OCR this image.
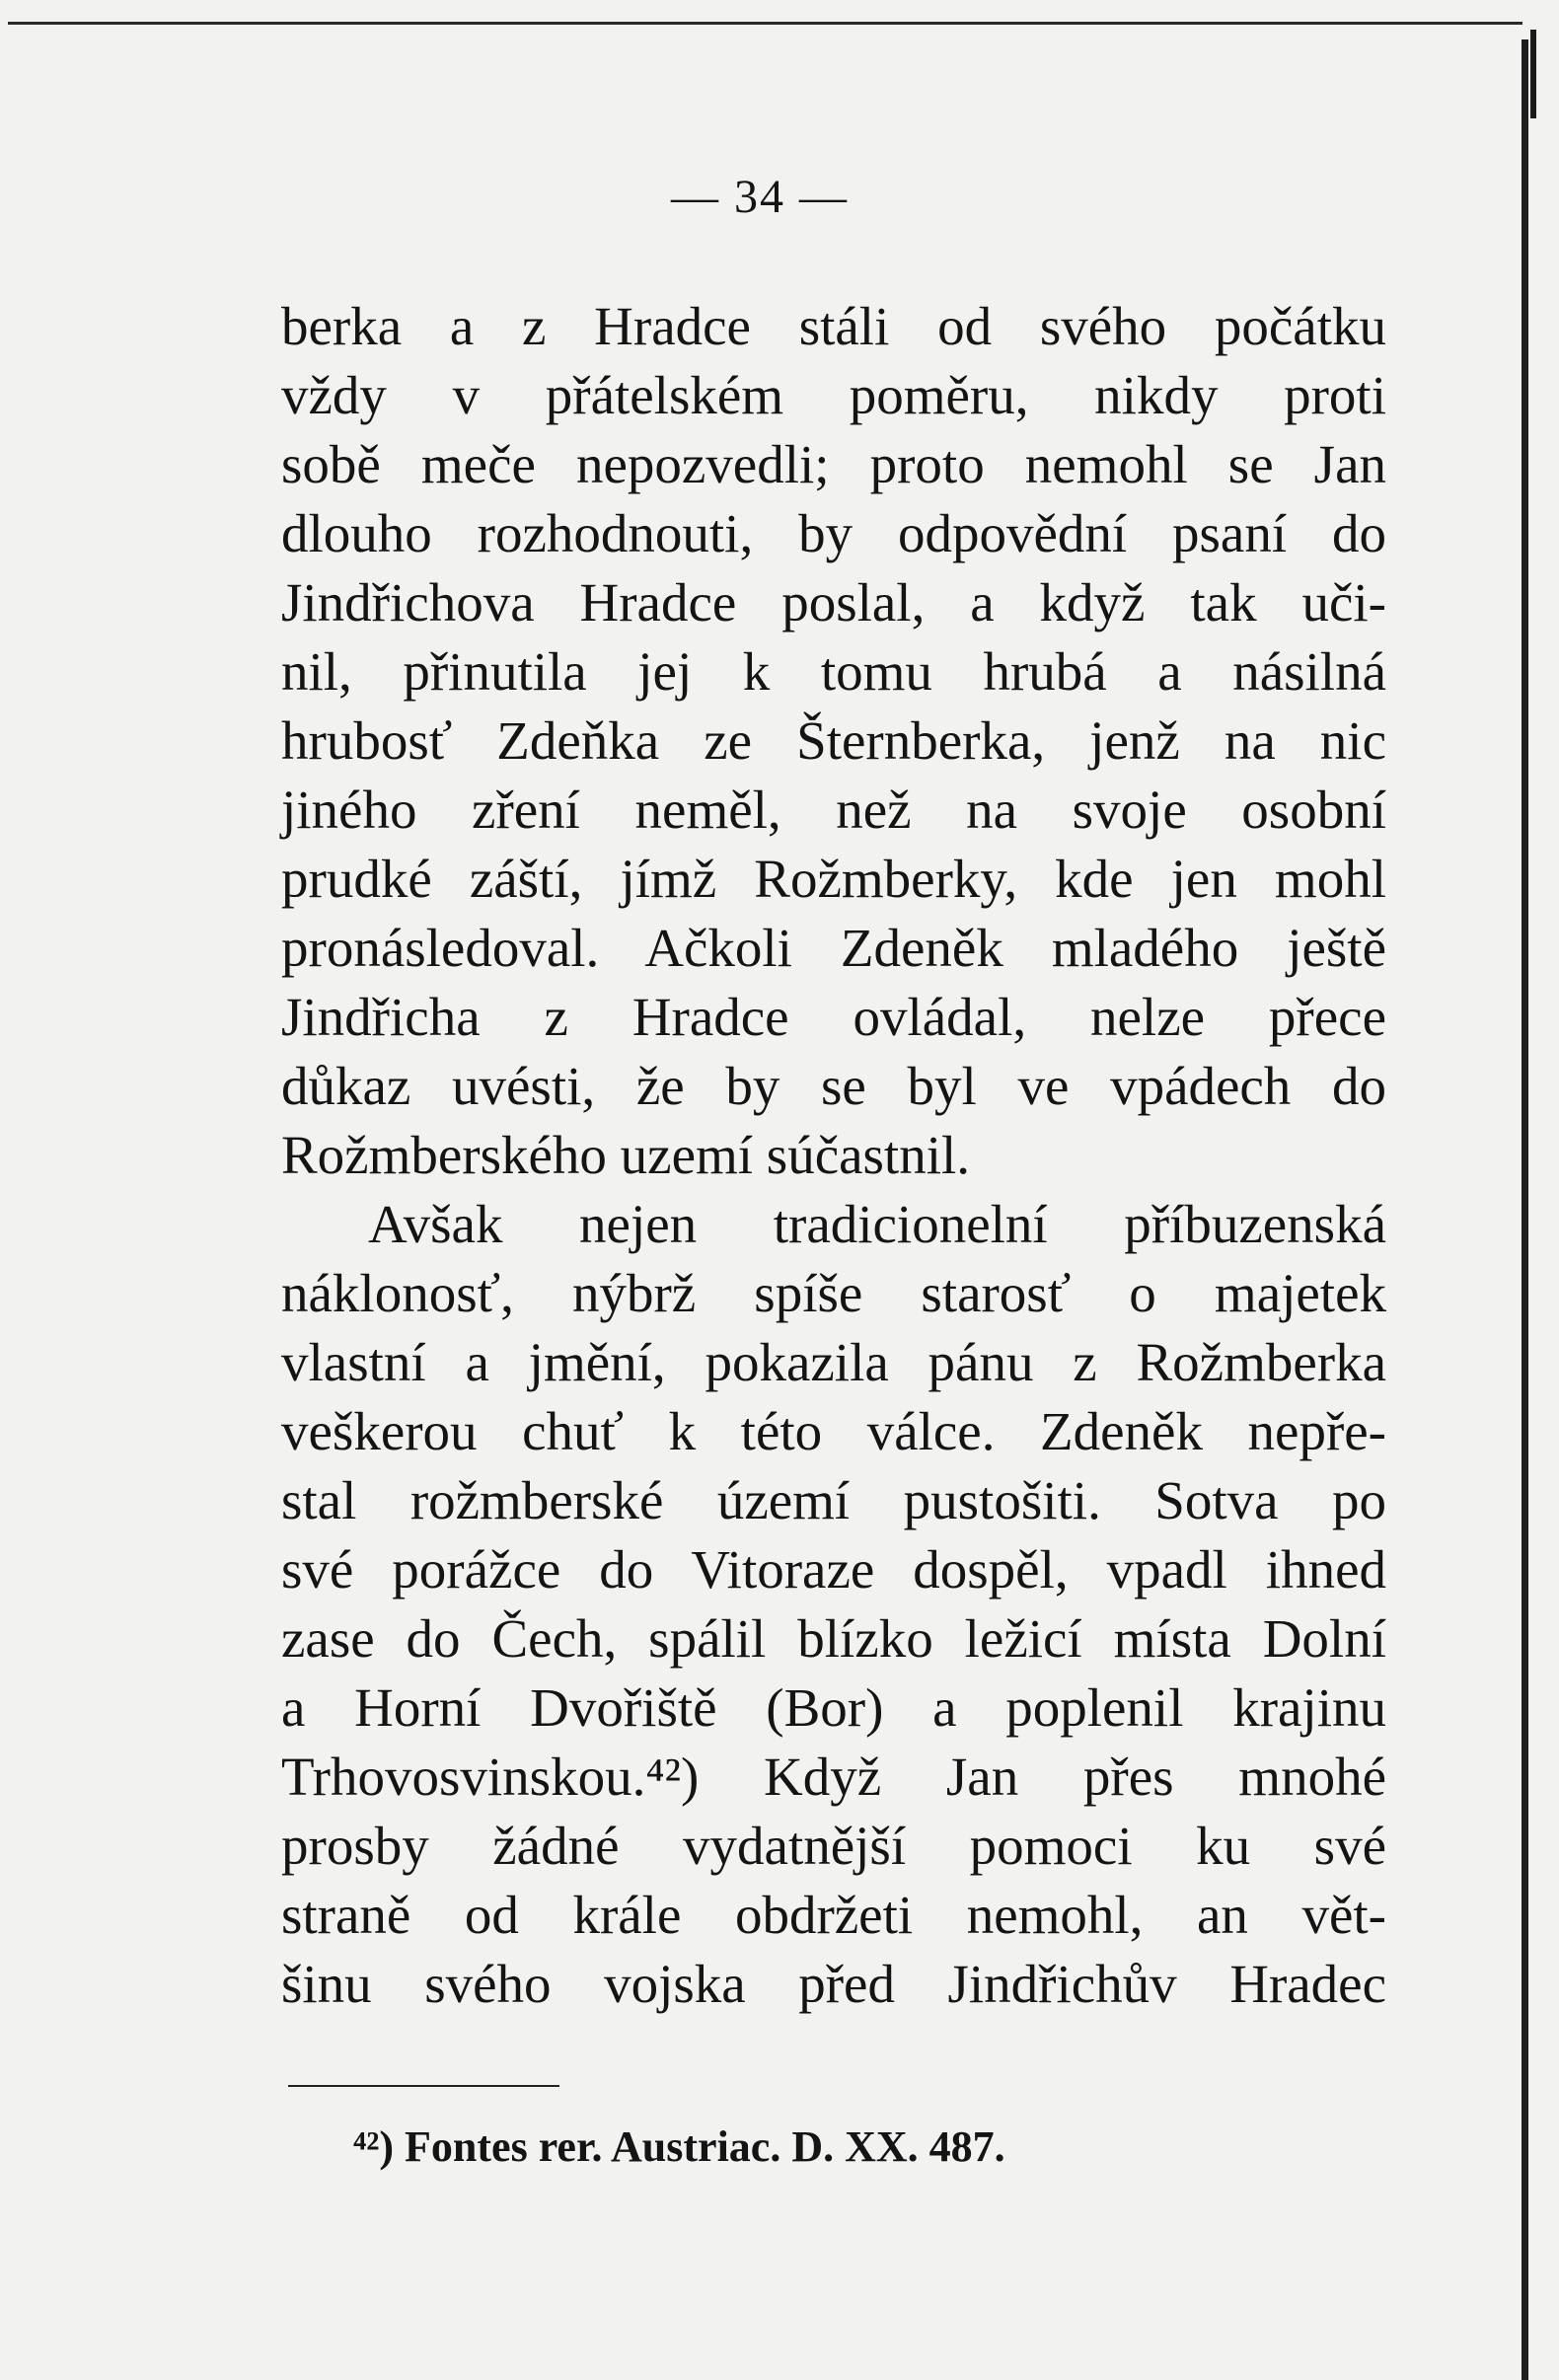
— 34 —
berka a z Hradce stáli od svého počátku
vždy v přátelském poměru, nikdy proti
sobě meče nepozvedli; proto nemohl se Jan
dlouho rozhodnouti, by odpovědní psaní do
Jindřichova Hradce poslal, a když tak uči-
nil, přinutila jej k tomu hrubá a násilná
hrubosť Zdeňka ze Šternberka, jenž na nic
jiného zření neměl, než na svoje osobní
prudké záští, jímž Rožmberky, kde jen mohl
pronásledoval. Ačkoli Zdeněk mladého ještě
Jindřicha z Hradce ovládal, nelze přece
důkaz uvésti, že by se byl ve vpádech do
Rožmberského uzemí súčastnil.
Avšak nejen tradicionelní příbuzenská
náklonosť, nýbrž spíše starosť o majetek
vlastní a jmění, pokazila pánu z Rožmberka
veškerou chuť k této válce. Zdeněk nepře-
stal rožmberské území pustošiti. Sotva po
své porážce do Vitoraze dospěl, vpadl ihned
zase do Čech, spálil blízko ležicí místa Dolní
a Horní Dvořiště (Bor) a poplenil krajinu
Trhovosvinskou.⁴²) Když Jan přes mnohé
prosby žádné vydatnější pomoci ku své
straně od krále obdržeti nemohl, an vět-
šinu svého vojska před Jindřichův Hradec
⁴²) Fontes rer. Austriac. D. XX. 487.
